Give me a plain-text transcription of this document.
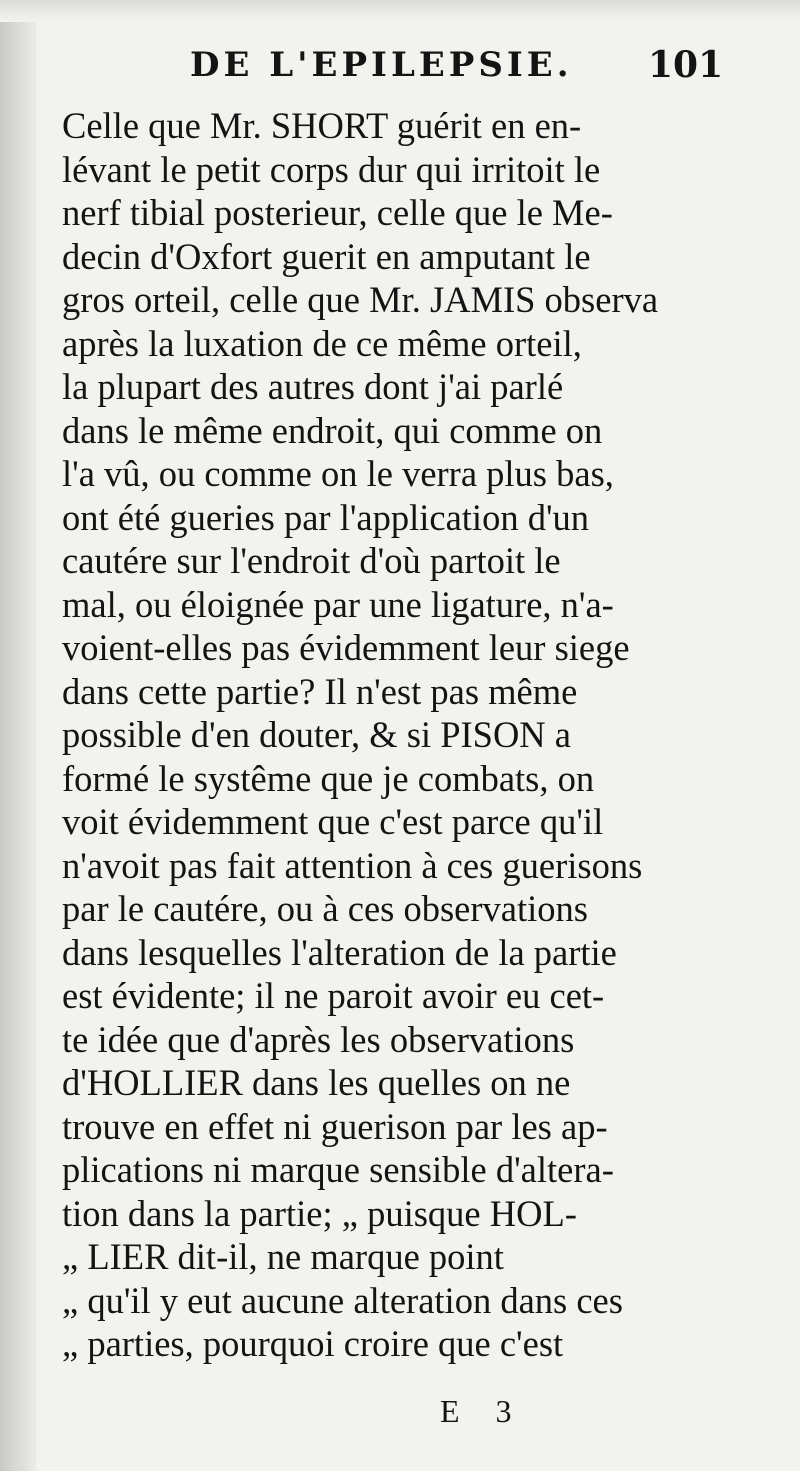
DE L'EPILEPSIE. 101
Celle que Mr. SHORT guérit en en-
lévant le petit corps dur qui irritoit le
nerf tibial posterieur, celle que le Me-
decin d'Oxfort guerit en amputant le
gros orteil, celle que Mr. JAMIS observa
après la luxation de ce même orteil,
la plupart des autres dont j'ai parlé
dans le même endroit, qui comme on
l'a vû, ou comme on le verra plus bas,
ont été gueries par l'application d'un
cautére sur l'endroit d'où partoit le
mal, ou éloignée par une ligature, n'a-
voient-elles pas évidemment leur siege
dans cette partie? Il n'est pas même
possible d'en douter, & si PISON a
formé le systême que je combats, on
voit évidemment que c'est parce qu'il
n'avoit pas fait attention à ces guerisons
par le cautére, ou à ces observations
dans lesquelles l'alteration de la partie
est évidente; il ne paroit avoir eu cet-
te idée que d'après les observations
d'HOLLIER dans les quelles on ne
trouve en effet ni guerison par les ap-
plications ni marque sensible d'altera-
tion dans la partie; „ puisque HOL-
„ LIER dit-il, ne marque point
„ qu'il y eut aucune alteration dans ces
„ parties, pourquoi croire que c'est
E 3
